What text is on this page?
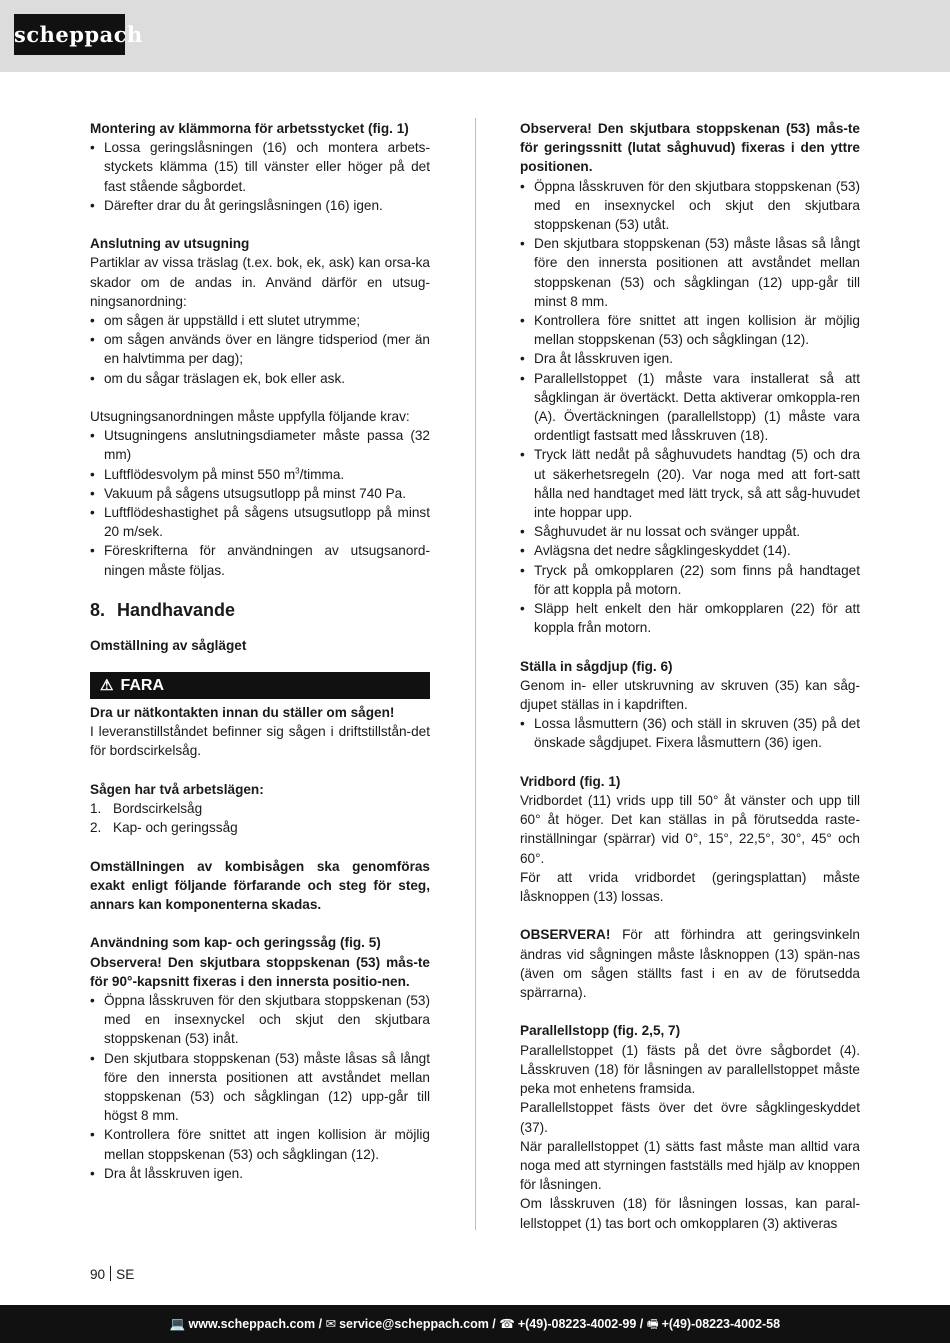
scheppach
Montering av klämmorna för arbetsstycket (fig. 1)
• Lossa geringslåsningen (16) och montera arbets-styckets klämma (15) till vänster eller höger på det fast stående sågbordet.
• Därefter drar du åt geringslåsningen (16) igen.
Anslutning av utsugning
Partiklar av vissa träslag (t.ex. bok, ek, ask) kan orsa-ka skador om de andas in. Använd därför en utsug-ningsanordning:
• om sågen är uppställd i ett slutet utrymme;
• om sågen används över en längre tidsperiod (mer än en halvtimma per dag);
• om du sågar träslagen ek, bok eller ask.
Utsugningsanordningen måste uppfylla följande krav:
• Utsugningens anslutningsdiameter måste passa (32 mm)
• Luftflödesvolym på minst 550 $m^3$/timma.
• Vakuum på sågens utsugsutlopp på minst 740 Pa.
• Luftflödeshastighet på sågens utsugsutlopp på minst 20 m/sek.
• Föreskrifterna för användningen av utsugsanord-ningen måste följas.
8. Handhavande
Omställning av sågläget
⚠ FARA
Dra ur nätkontakten innan du ställer om sågen!
I leveranstillståndet befinner sig sågen i driftstillstån-det för bordscirkelsåg.
Sågen har två arbetslägen:
1. Bordscirkelsåg
2. Kap- och geringssåg
Omställningen av kombisågen ska genomföras exakt enligt följande förfarande och steg för steg, annars kan komponenterna skadas.
Användning som kap- och geringssåg (fig. 5)
Observera! Den skjutbara stoppskenan (53) mås-te för 90°-kapsnitt fixeras i den innersta positio-nen.
• Öppna låsskruven för den skjutbara stoppskenan (53) med en insexnyckel och skjut den skjutbara stoppskenan (53) inåt.
• Den skjutbara stoppskenan (53) måste låsas så långt före den innersta positionen att avståndet mellan stoppskenan (53) och sågklingan (12) upp-går till högst 8 mm.
• Kontrollera före snittet att ingen kollision är möjlig mellan stoppskenan (53) och sågklingan (12).
• Dra åt låsskruven igen.
Observera! Den skjutbara stoppskenan (53) mås-te för geringssnitt (lutat såghuvud) fixeras i den yttre positionen.
• Öppna låsskruven för den skjutbara stoppskenan (53) med en insexnyckel och skjut den skjutbara stoppskenan (53) utåt.
• Den skjutbara stoppskenan (53) måste låsas så långt före den innersta positionen att avståndet mellan stoppskenan (53) och sågklingan (12) upp-går till minst 8 mm.
• Kontrollera före snittet att ingen kollision är möjlig mellan stoppskenan (53) och sågklingan (12).
• Dra åt låsskruven igen.
• Parallellstoppet (1) måste vara installerat så att sågklingan är övertäckt. Detta aktiverar omkoppla-ren (A). Övertäckningen (parallellstopp) (1) måste vara ordentligt fastsatt med låsskruven (18).
• Tryck lätt nedåt på såghuvudets handtag (5) och dra ut säkerhetsregeln (20). Var noga med att fort-satt hålla ned handtaget med lätt tryck, så att såg-huvudet inte hoppar upp.
• Såghuvudet är nu lossat och svänger uppåt.
• Avlägsna det nedre sågklingeskyddet (14).
• Tryck på omkopplaren (22) som finns på handtaget för att koppla på motorn.
• Släpp helt enkelt den här omkopplaren (22) för att koppla från motorn.
Ställa in sågdjup (fig. 6)
Genom in- eller utskruvning av skruven (35) kan såg-djupet ställas in i kapdriften.
• Lossa låsmuttern (36) och ställ in skruven (35) på det önskade sågdjupet. Fixera låsmuttern (36) igen.
Vridbord (fig. 1)
Vridbordet (11) vrids upp till 50° åt vänster och upp till 60° åt höger. Det kan ställas in på förutsedda raste-rinställningar (spärrar) vid 0°, 15°, 22,5°, 30°, 45° och 60°.
För att vrida vridbordet (geringsplattan) måste låsknoppen (13) lossas.
OBSERVERA! För att förhindra att geringsvinkeln ändras vid sågningen måste låsknoppen (13) spän-nas (även om sågen ställts fast i en av de förutsedda spärrarna).
Parallellstopp (fig. 2,5, 7)
Parallellstoppet (1) fästs på det övre sågbordet (4). Låsskruven (18) för låsningen av parallellstoppet måste peka mot enhetens framsida.
Parallellstoppet fästs över det övre sågklingeskyddet (37).
När parallellstoppet (1) sätts fast måste man alltid vara noga med att styrningen fastställs med hjälp av knoppen för låsningen.
Om låsskruven (18) för låsningen lossas, kan paral-lellstoppet (1) tas bort och omkopplaren (3) aktiveras
90 SE
💻 www.scheppach.com / ✉ service@scheppach.com / ☎ +(49)-08223-4002-99 / 🖷 +(49)-08223-4002-58
